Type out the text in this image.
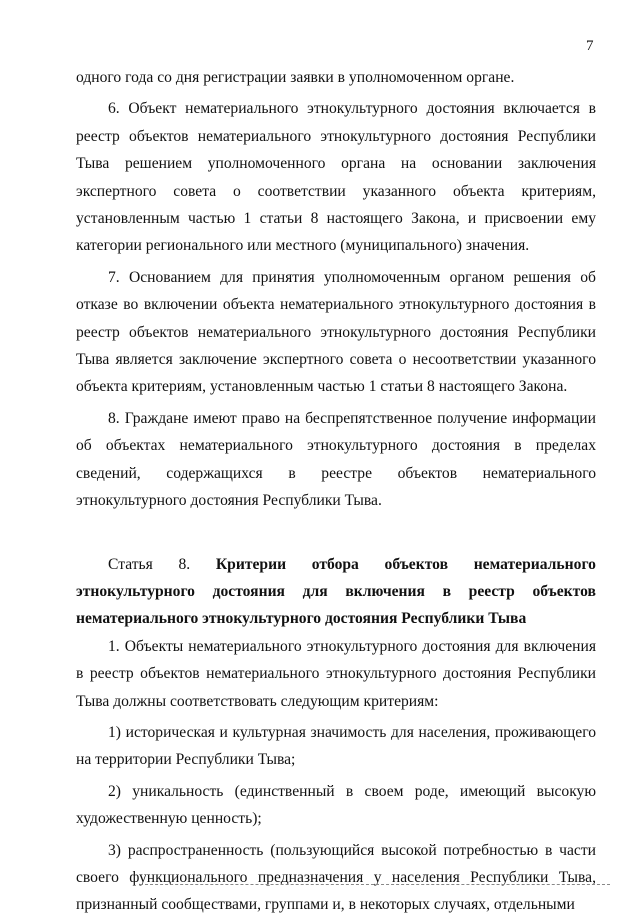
7

одного года со дня регистрации заявки в уполномоченном органе.

6. Объект нематериального этнокультурного достояния включается в реестр объектов нематериального этнокультурного достояния Республики Тыва решением уполномоченного органа на основании заключения экспертного совета о соответствии указанного объекта критериям, установленным частью 1 статьи 8 настоящего Закона, и присвоении ему категории регионального или местного (муниципального) значения.

7. Основанием для принятия уполномоченным органом решения об отказе во включении объекта нематериального этнокультурного достояния в реестр объектов нематериального этнокультурного достояния Республики Тыва является заключение экспертного совета о несоответствии указанного объекта критериям, установленным частью 1 статьи 8 настоящего Закона.

8. Граждане имеют право на беспрепятственное получение информации об объектах нематериального этнокультурного достояния в пределах сведений, содержащихся в реестре объектов нематериального этнокультурного достояния Республики Тыва.

Статья 8. Критерии отбора объектов нематериального
этнокультурного достояния для включения в реестр объектов
нематериального этнокультурного достояния Республики Тыва

1. Объекты нематериального этнокультурного достояния для включения в реестр объектов нематериального этнокультурного достояния Республики Тыва должны соответствовать следующим критериям:

1) историческая и культурная значимость для населения, проживающего на территории Республики Тыва;

2) уникальность (единственный в своем роде, имеющий высокую художественную ценность);

3) распространенность (пользующийся высокой потребностью в части своего функционального предназначения у населения Республики Тыва, признанный сообществами, группами и, в некоторых случаях, отдельными
